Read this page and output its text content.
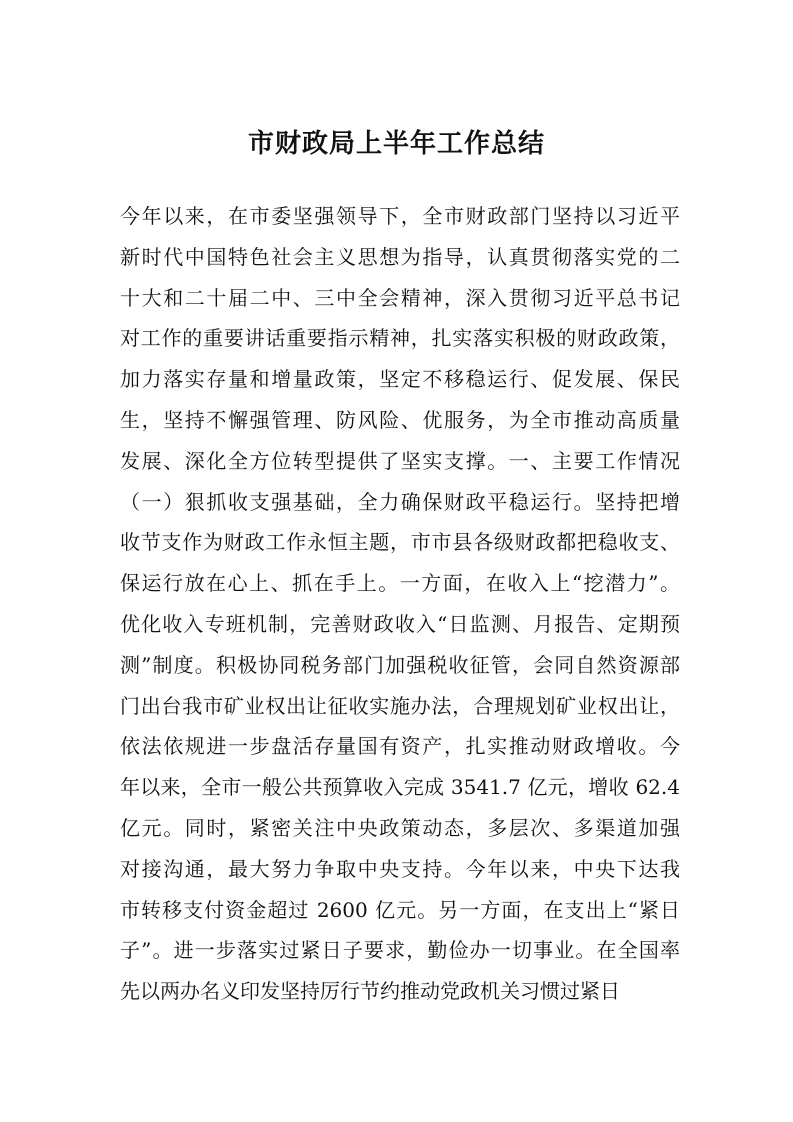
市财政局上半年工作总结
今年以来，在市委坚强领导下，全市财政部门坚持以习近平
新时代中国特色社会主义思想为指导，认真贯彻落实党的二
十大和二十届二中、三中全会精神，深入贯彻习近平总书记
对工作的重要讲话重要指示精神，扎实落实积极的财政政策，
加力落实存量和增量政策，坚定不移稳运行、促发展、保民
生，坚持不懈强管理、防风险、优服务，为全市推动高质量
发展、深化全方位转型提供了坚实支撑。一、主要工作情况
（一）狠抓收支强基础，全力确保财政平稳运行。坚持把增
收节支作为财政工作永恒主题，市市县各级财政都把稳收支、
保运行放在心上、抓在手上。一方面，在收入上“挖潜力”。
优化收入专班机制，完善财政收入“日监测、月报告、定期预
测”制度。积极协同税务部门加强税收征管，会同自然资源部
门出台我市矿业权出让征收实施办法，合理规划矿业权出让，
依法依规进一步盘活存量国有资产，扎实推动财政增收。今
年以来，全市一般公共预算收入完成 3541.7 亿元，增收 62.4
亿元。同时，紧密关注中央政策动态，多层次、多渠道加强
对接沟通，最大努力争取中央支持。今年以来，中央下达我
市转移支付资金超过 2600 亿元。另一方面，在支出上“紧日
子”。进一步落实过紧日子要求，勤俭办一切事业。在全国率
先以两办名义印发坚持厉行节约推动党政机关习惯过紧日
